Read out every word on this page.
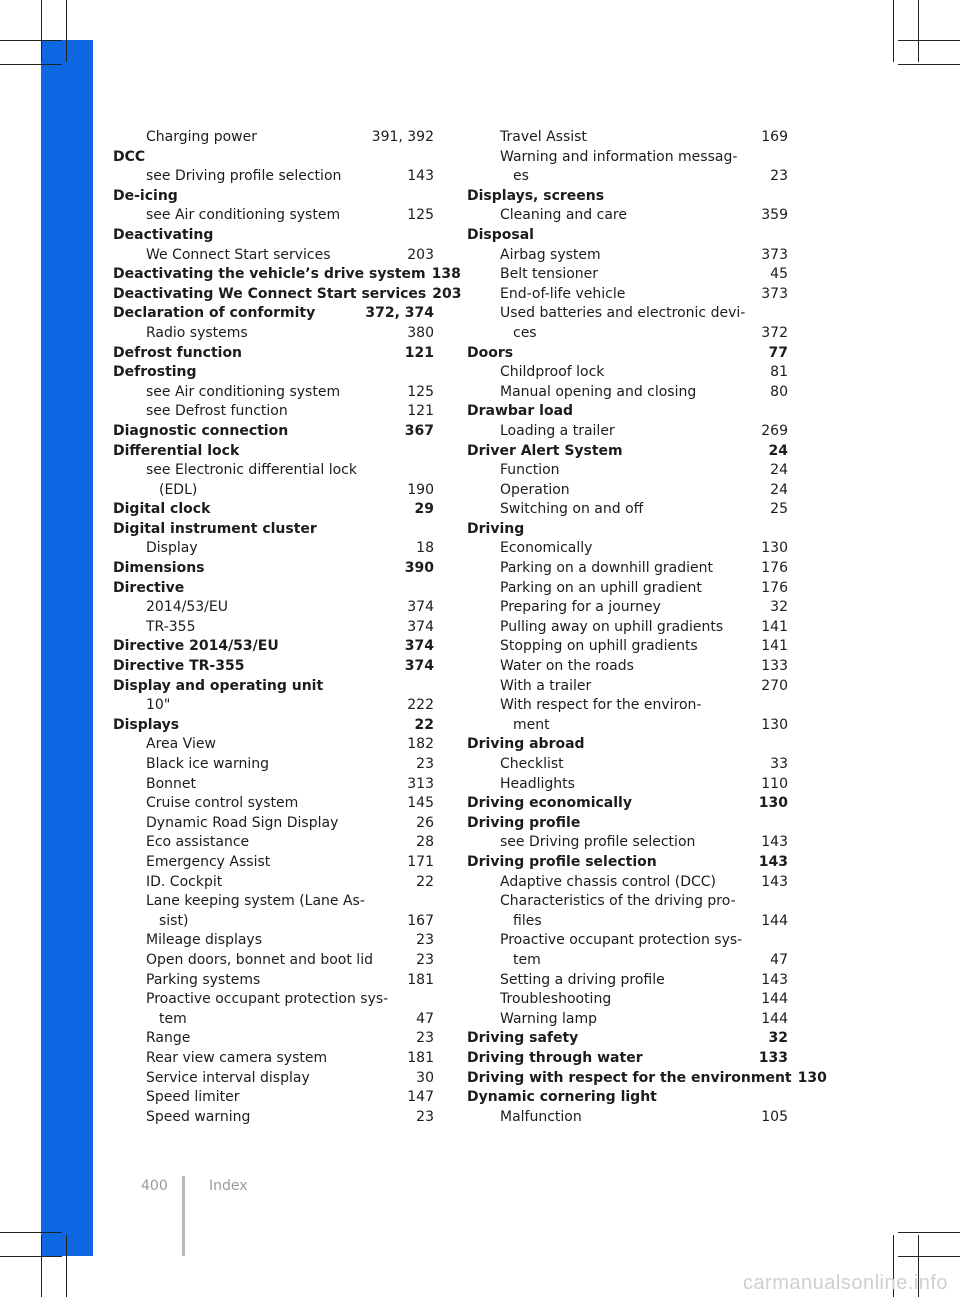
Charging power	391, 392
DCC
see Driving profile selection	143
De-icing
see Air conditioning system	125
Deactivating
We Connect Start services	203
Deactivating the vehicle’s drive system 138
Deactivating We Connect Start services 203
Declaration of conformity	372, 374
Radio systems	380
Defrost function	121
Defrosting
see Air conditioning system	125
see Defrost function	121
Diagnostic connection	367
Differential lock
see Electronic differential lock
(EDL)	190
Digital clock	29
Digital instrument cluster
Display	18
Dimensions	390
Directive
2014/53/EU	374
TR-355	374
Directive 2014/53/EU	374
Directive TR-355	374
Display and operating unit
10"	222
Displays	22
Area View	182
Black ice warning	23
Bonnet	313
Cruise control system	145
Dynamic Road Sign Display	26
Eco assistance	28
Emergency Assist	171
ID. Cockpit	22
Lane keeping system (Lane As-
sist)	167
Mileage displays	23
Open doors, bonnet and boot lid	23
Parking systems	181
Proactive occupant protection sys-
tem	47
Range	23
Rear view camera system	181
Service interval display	30
Speed limiter	147
Speed warning	23
Travel Assist	169
Warning and information messag-
es	23
Displays, screens
Cleaning and care	359
Disposal
Airbag system	373
Belt tensioner	45
End-of-life vehicle	373
Used batteries and electronic devi-
ces	372
Doors	77
Childproof lock	81
Manual opening and closing	80
Drawbar load
Loading a trailer	269
Driver Alert System	24
Function	24
Operation	24
Switching on and off	25
Driving
Economically	130
Parking on a downhill gradient	176
Parking on an uphill gradient	176
Preparing for a journey	32
Pulling away on uphill gradients	141
Stopping on uphill gradients	141
Water on the roads	133
With a trailer	270
With respect for the environ-
ment	130
Driving abroad
Checklist	33
Headlights	110
Driving economically	130
Driving profile
see Driving profile selection	143
Driving profile selection	143
Adaptive chassis control (DCC)	143
Characteristics of the driving pro-
files	144
Proactive occupant protection sys-
tem	47
Setting a driving profile	143
Troubleshooting	144
Warning lamp	144
Driving safety	32
Driving through water	133
Driving with respect for the environment 130
Dynamic cornering light
Malfunction	105
400	Index
carmanualsonline.info
